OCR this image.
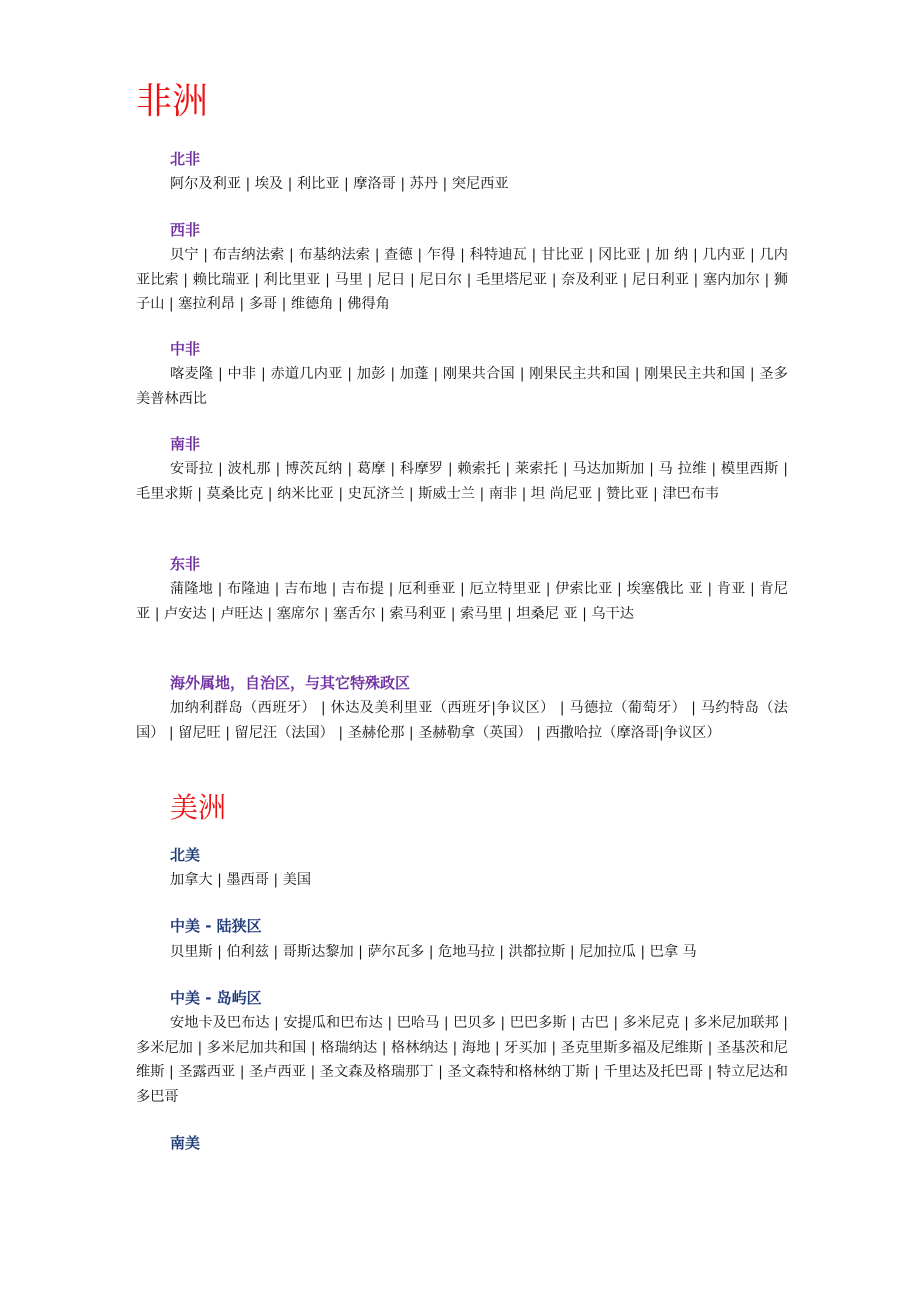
非洲
北非

阿尔及利亚 | 埃及 | 利比亚 | 摩洛哥 | 苏丹 | 突尼西亚

西非

贝宁 | 布吉纳法索 | 布基纳法索 | 查德 | 乍得 | 科特迪瓦 | 甘比亚 | 冈比亚 | 加 纳 | 几内亚 | 几内亚比索 | 赖比瑞亚 | 利比里亚 | 马里 | 尼日 | 尼日尔 | 毛里塔尼亚 | 奈及利亚 | 尼日利亚 | 塞内加尔 | 狮子山 | 塞拉利昂 | 多哥 | 维德角 | 佛得角

中非

喀麦隆 | 中非 | 赤道几内亚 | 加彭 | 加蓬 | 刚果共合国 | 刚果民主共和国 | 刚果民主共和国 | 圣多美普林西比

南非

安哥拉 | 波札那 | 博茨瓦纳 | 葛摩 | 科摩罗 | 赖索托 | 莱索托 | 马达加斯加 | 马 拉维 | 模里西斯 | 毛里求斯 | 莫桑比克 | 纳米比亚 | 史瓦济兰 | 斯威士兰 | 南非 | 坦 尚尼亚 | 赞比亚 | 津巴布韦

东非

蒲隆地 | 布隆迪 | 吉布地 | 吉布提 | 厄利垂亚 | 厄立特里亚 | 伊索比亚 | 埃塞俄比 亚 | 肯亚 | 肯尼亚 | 卢安达 | 卢旺达 | 塞席尔 | 塞舌尔 | 索马利亚 | 索马里 | 坦桑尼 亚 | 乌干达

海外属地，自治区，与其它特殊政区

加纳利群岛（西班牙） | 休达及美利里亚（西班牙|争议区） | 马德拉（葡萄牙） | 马约特岛（法 国） | 留尼旺 | 留尼汪（法国） | 圣赫伦那 | 圣赫勒拿（英国） | 西撒哈拉（摩洛哥|争议区）

美洲
北美

加拿大 | 墨西哥 | 美国

中美 - 陆狭区

贝里斯 | 伯利兹 | 哥斯达黎加 | 萨尔瓦多 | 危地马拉 | 洪都拉斯 | 尼加拉瓜 | 巴拿 马

中美 - 岛屿区

安地卡及巴布达 | 安提瓜和巴布达 | 巴哈马 | 巴贝多 | 巴巴多斯 | 古巴 | 多米尼克 | 多米尼加联邦 | 多米尼加 | 多米尼加共和国 | 格瑞纳达 | 格林纳达 | 海地 | 牙买加 | 圣克里斯多福及尼维斯 | 圣基茨和尼维斯 | 圣露西亚 | 圣卢西亚 | 圣文森及格瑞那丁 | 圣文森特和格林纳丁斯 | 千里达及托巴哥 | 特立尼达和多巴哥

南美
